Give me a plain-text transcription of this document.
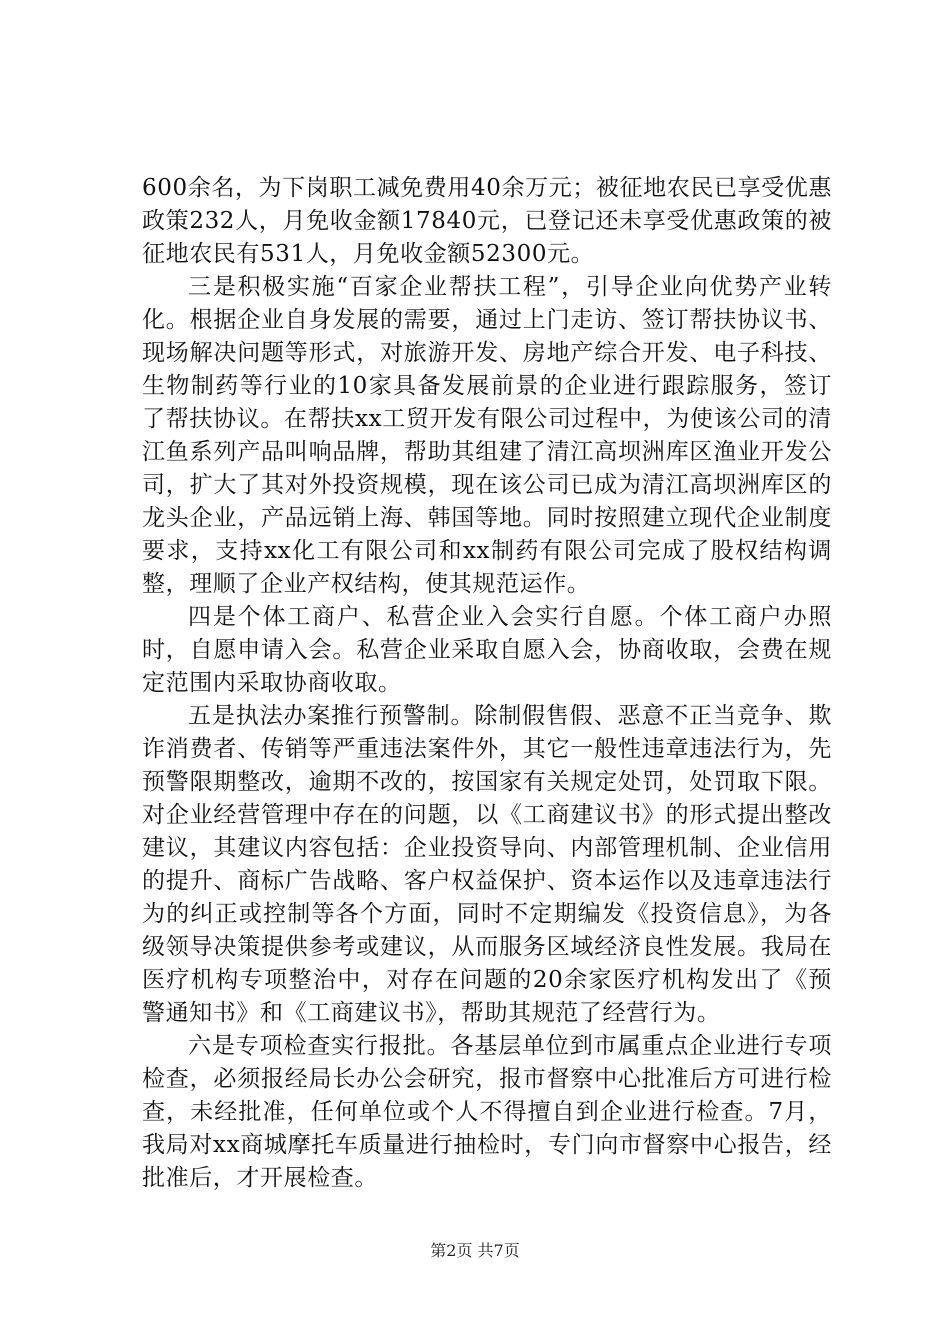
600余名，为下岗职工减免费用40余万元；被征地农民已享受优惠政策232人，月免收金额17840元，已登记还未享受优惠政策的被征地农民有531人，月免收金额52300元。

三是积极实施“百家企业帮扶工程”，引导企业向优势产业转化。根据企业自身发展的需要，通过上门走访、签订帮扶协议书、现场解决问题等形式，对旅游开发、房地产综合开发、电子科技、生物制药等行业的10家具备发展前景的企业进行跟踪服务，签订了帮扶协议。在帮扶xx工贸开发有限公司过程中，为使该公司的清江鱼系列产品叫响品牌，帮助其组建了清江高坝洲库区渔业开发公司，扩大了其对外投资规模，现在该公司已成为清江高坝洲库区的龙头企业，产品远销上海、韩国等地。同时按照建立现代企业制度要求，支持xx化工有限公司和xx制药有限公司完成了股权结构调整，理顺了企业产权结构，使其规范运作。

四是个体工商户、私营企业入会实行自愿。个体工商户办照时，自愿申请入会。私营企业采取自愿入会，协商收取，会费在规定范围内采取协商收取。

五是执法办案推行预警制。除制假售假、恶意不正当竞争、欺诈消费者、传销等严重违法案件外，其它一般性违章违法行为，先预警限期整改，逾期不改的，按国家有关规定处罚，处罚取下限。对企业经营管理中存在的问题，以《工商建议书》的形式提出整改建议，其建议内容包括：企业投资导向、内部管理机制、企业信用的提升、商标广告战略、客户权益保护、资本运作以及违章违法行为的纠正或控制等各个方面，同时不定期编发《投资信息》，为各级领导决策提供参考或建议，从而服务区域经济良性发展。我局在医疗机构专项整治中，对存在问题的20余家医疗机构发出了《预警通知书》和《工商建议书》，帮助其规范了经营行为。

六是专项检查实行报批。各基层单位到市属重点企业进行专项检查，必须报经局长办公会研究，报市督察中心批准后方可进行检查，未经批准，任何单位或个人不得擅自到企业进行检查。7月，我局对xx商城摩托车质量进行抽检时，专门向市督察中心报告，经批准后，才开展检查。

第2页 共7页
